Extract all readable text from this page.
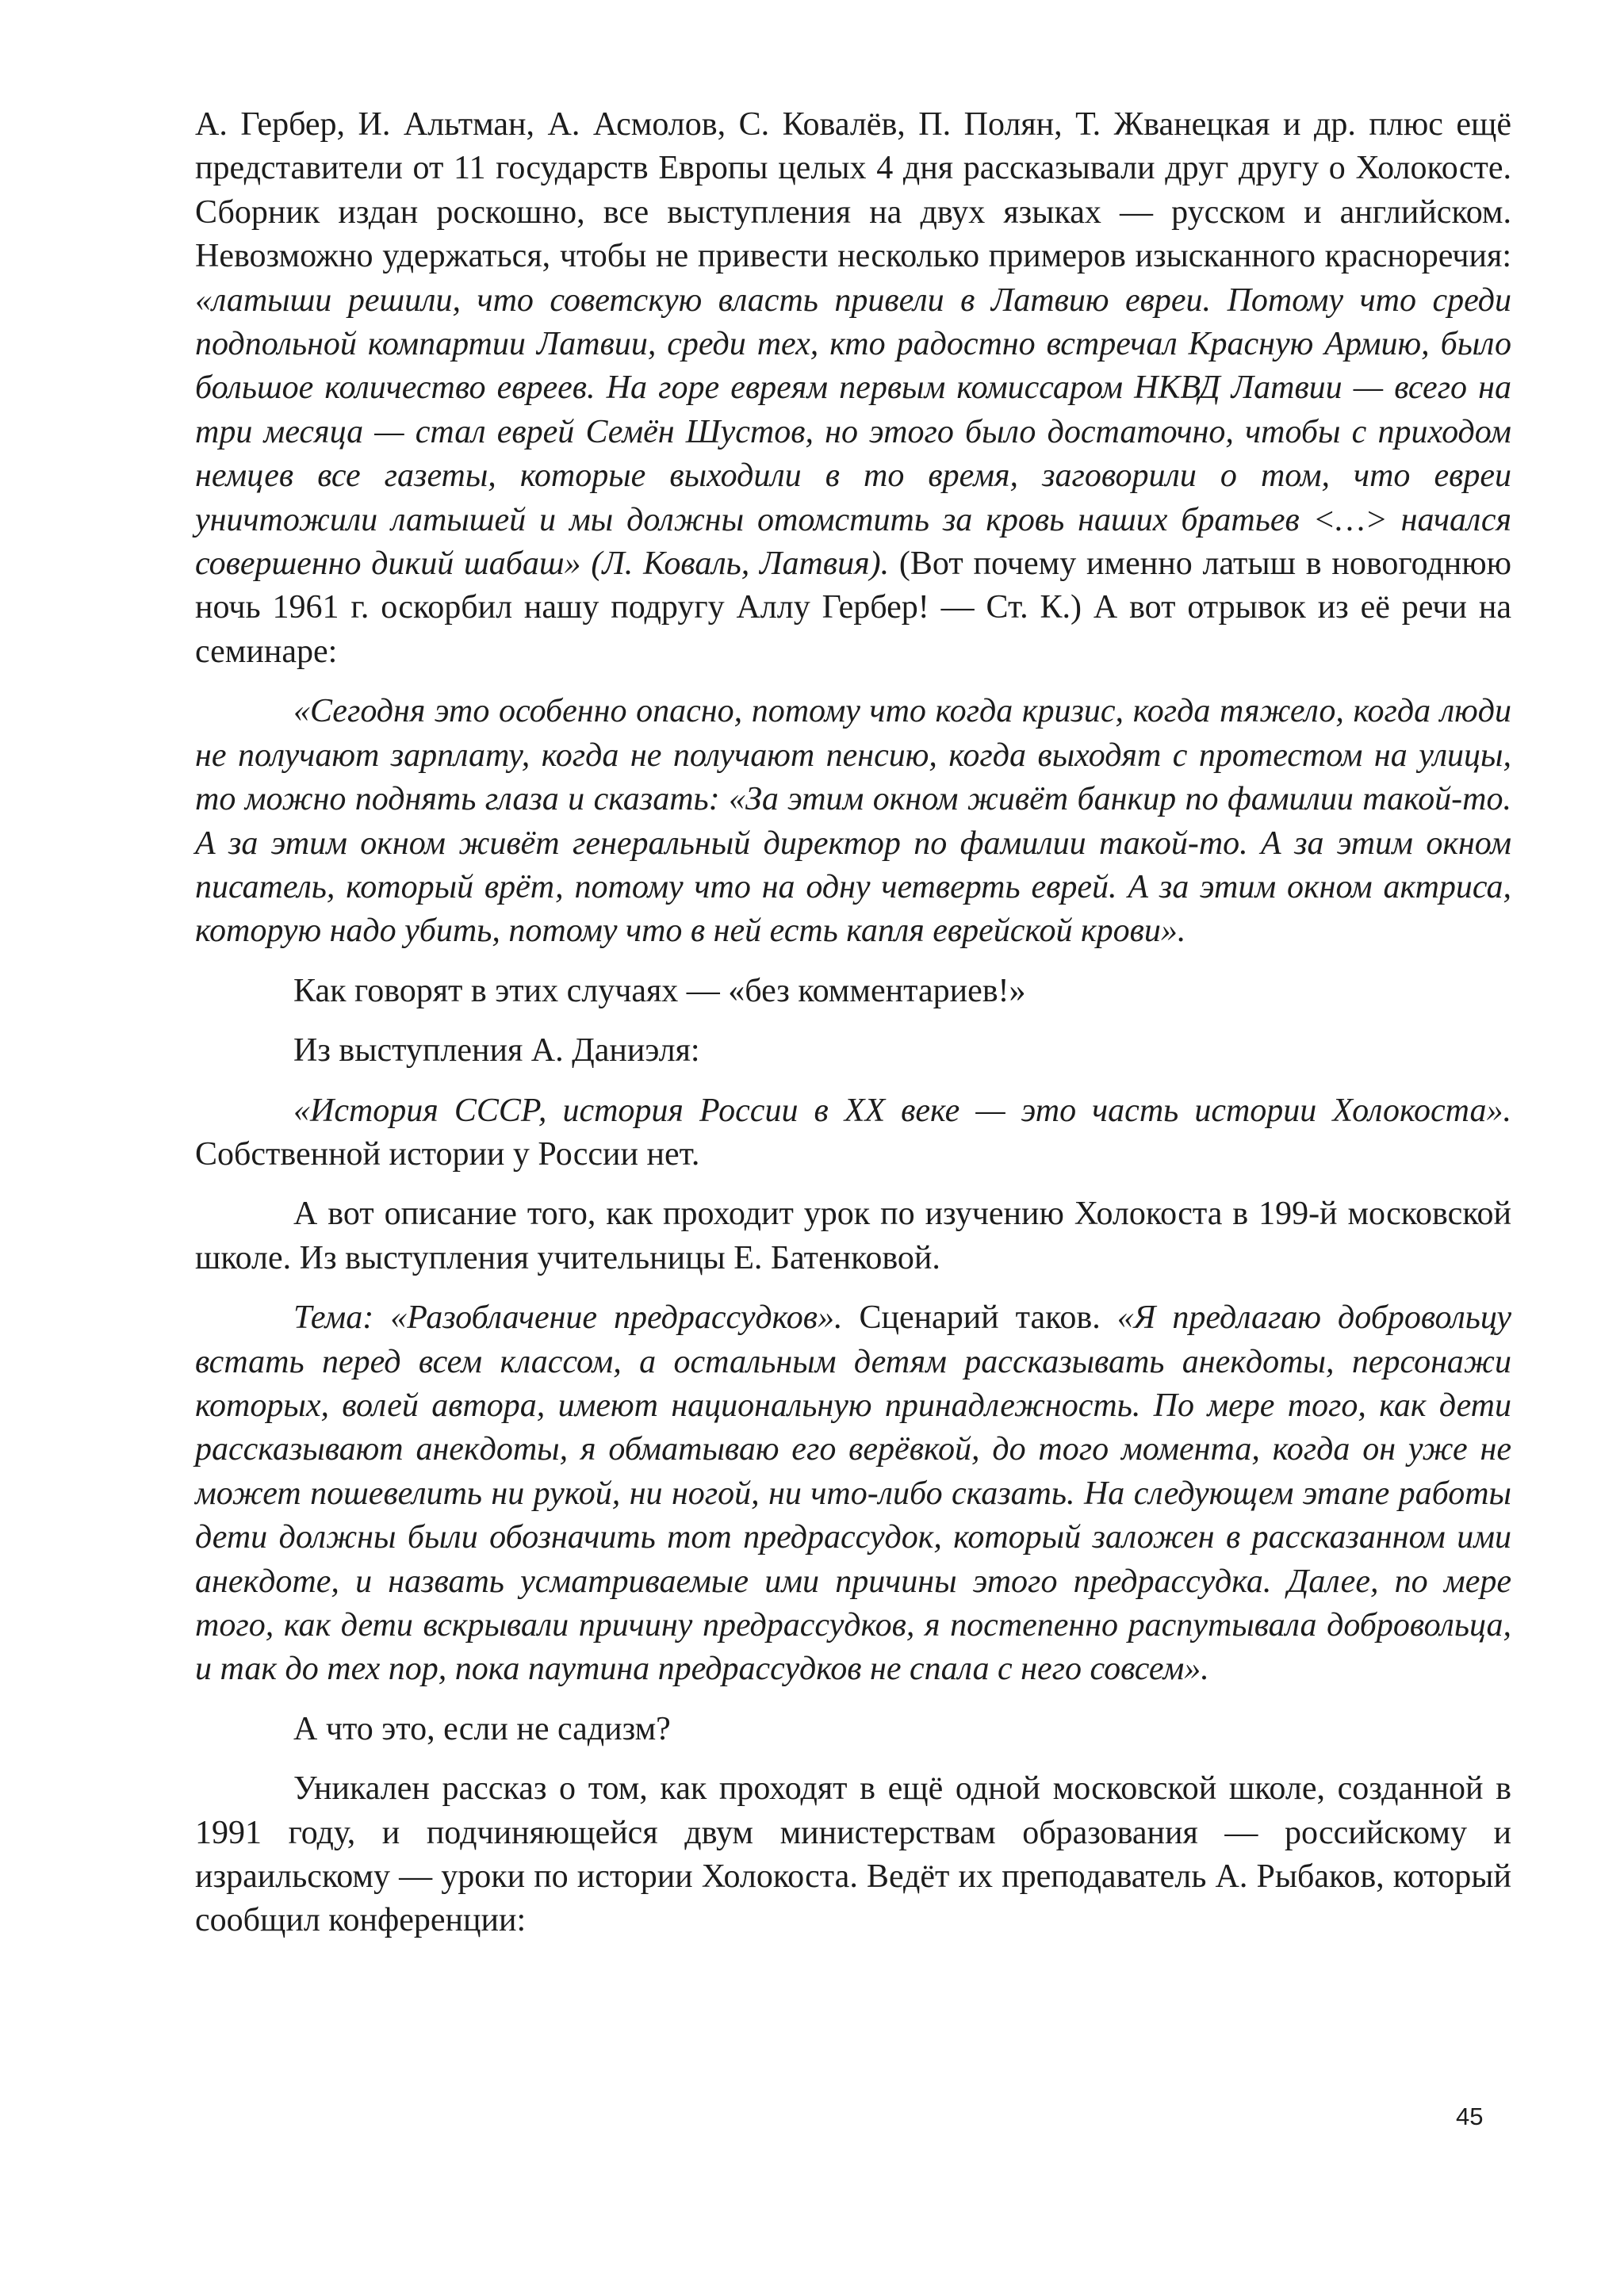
А. Гербер, И. Альтман, А. Асмолов, С. Ковалёв, П. Полян, Т. Жванецкая и др. плюс ещё представители от 11 государств Европы целых 4 дня рассказывали друг другу о Холокосте. Сборник издан роскошно, все выступления на двух языках — русском и английском. Невозможно удержаться, чтобы не привести несколько примеров изысканного красноречия: «латыши решили, что советскую власть привели в Латвию евреи. Потому что среди подпольной компартии Латвии, среди тех, кто радостно встречал Красную Армию, было большое количество евреев. На горе евреям первым комиссаром НКВД Латвии — всего на три месяца — стал еврей Семён Шустов, но этого было достаточно, чтобы с приходом немцев все газеты, которые выходили в то время, заговорили о том, что евреи уничтожили латышей и мы должны отомстить за кровь наших братьев <…> начался совершенно дикий шабаш» (Л. Коваль, Латвия). (Вот почему именно латыш в новогоднюю ночь 1961 г. оскорбил нашу подругу Аллу Гербер! — Ст. К.) А вот отрывок из её речи на семинаре:

«Сегодня это особенно опасно, потому что когда кризис, когда тяжело, когда люди не получают зарплату, когда не получают пенсию, когда выходят с протестом на улицы, то можно поднять глаза и сказать: «За этим окном живёт банкир по фамилии такой-то. А за этим окном живёт генеральный директор по фамилии такой-то. А за этим окном писатель, который врёт, потому что на одну четверть еврей. А за этим окном актриса, которую надо убить, потому что в ней есть капля еврейской крови».

Как говорят в этих случаях — «без комментариев!»

Из выступления А. Даниэля:

«История СССР, история России в XX веке — это часть истории Холокоста». Собственной истории у России нет.

А вот описание того, как проходит урок по изучению Холокоста в 199-й московской школе. Из выступления учительницы Е. Батенковой.

Тема: «Разоблачение предрассудков». Сценарий таков. «Я предлагаю добровольцу встать перед всем классом, а остальным детям рассказывать анекдоты, персонажи которых, волей автора, имеют национальную принадлежность. По мере того, как дети рассказывают анекдоты, я обматываю его верёвкой, до того момента, когда он уже не может пошевелить ни рукой, ни ногой, ни что-либо сказать. На следующем этапе работы дети должны были обозначить тот предрассудок, который заложен в рассказанном ими анекдоте, и назвать усматриваемые ими причины этого предрассудка. Далее, по мере того, как дети вскрывали причину предрассудков, я постепенно распутывала добровольца, и так до тех пор, пока паутина предрассудков не спала с него совсем».

А что это, если не садизм?

Уникален рассказ о том, как проходят в ещё одной московской школе, созданной в 1991 году, и подчиняющейся двум министерствам образования — российскому и израильскому — уроки по истории Холокоста. Ведёт их преподаватель А. Рыбаков, который сообщил конференции:

45
